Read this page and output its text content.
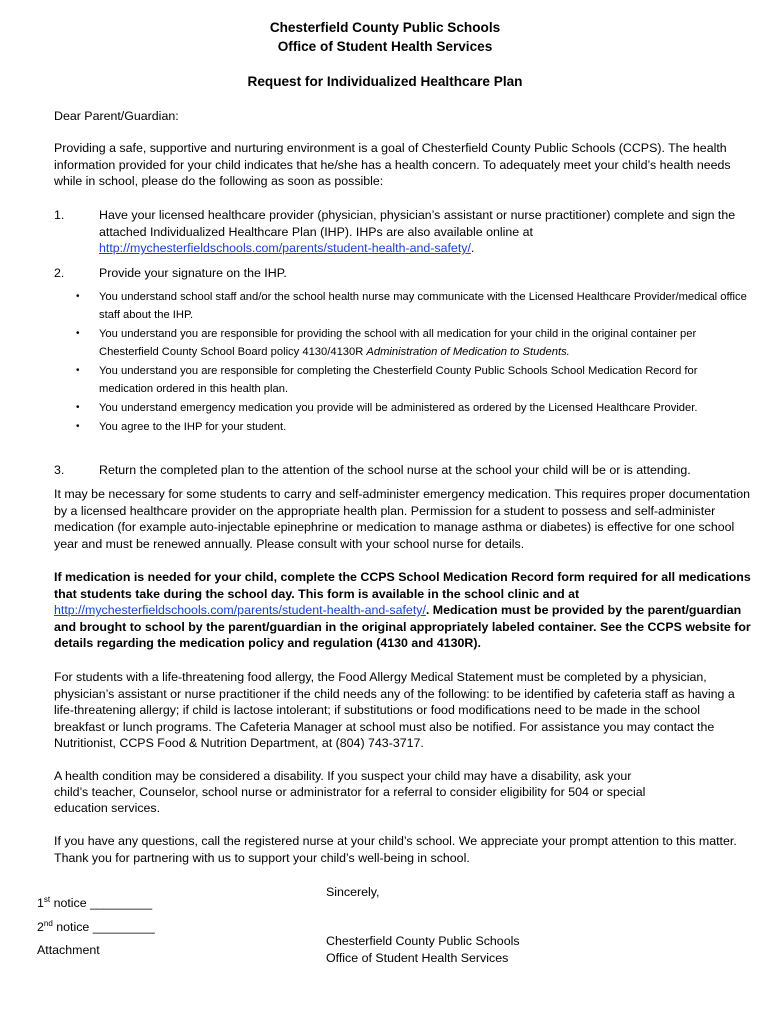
Chesterfield County Public Schools
Office of Student Health Services
Request for Individualized Healthcare Plan
Dear Parent/Guardian:
Providing a safe, supportive and nurturing environment is a goal of Chesterfield County Public Schools (CCPS). The health information provided for your child indicates that he/she has a health concern. To adequately meet your child’s health needs while in school, please do the following as soon as possible:
1.	Have your licensed healthcare provider (physician, physician’s assistant or nurse practitioner) complete and sign the attached Individualized Healthcare Plan (IHP). IHPs are also available online at http://mychesterfieldschools.com/parents/student-health-and-safety/.
2.	Provide your signature on the IHP.
• You understand school staff and/or the school health nurse may communicate with the Licensed Healthcare Provider/medical office staff about the IHP.
• You understand you are responsible for providing the school with all medication for your child in the original container per Chesterfield County School Board policy 4130/4130R Administration of Medication to Students.
• You understand you are responsible for completing the Chesterfield County Public Schools School Medication Record for medication ordered in this health plan.
• You understand emergency medication you provide will be administered as ordered by the Licensed Healthcare Provider.
• You agree to the IHP for your student.
3.	Return the completed plan to the attention of the school nurse at the school your child will be or is attending.
It may be necessary for some students to carry and self-administer emergency medication. This requires proper documentation by a licensed healthcare provider on the appropriate health plan. Permission for a student to possess and self-administer medication (for example auto-injectable epinephrine or medication to manage asthma or diabetes) is effective for one school year and must be renewed annually. Please consult with your school nurse for details.
If medication is needed for your child, complete the CCPS School Medication Record form required for all medications that students take during the school day. This form is available in the school clinic and at http://mychesterfieldschools.com/parents/student-health-and-safety/. Medication must be provided by the parent/guardian and brought to school by the parent/guardian in the original appropriately labeled container. See the CCPS website for details regarding the medication policy and regulation (4130 and 4130R).
For students with a life-threatening food allergy, the Food Allergy Medical Statement must be completed by a physician, physician’s assistant or nurse practitioner if the child needs any of the following: to be identified by cafeteria staff as having a life-threatening allergy; if child is lactose intolerant; if substitutions or food modifications need to be made in the school breakfast or lunch programs. The Cafeteria Manager at school must also be notified. For assistance you may contact the Nutritionist, CCPS Food & Nutrition Department, at (804) 743-3717.
A health condition may be considered a disability. If you suspect your child may have a disability, ask your
child’s teacher, Counselor, school nurse or administrator for a referral to consider eligibility for 504 or special
education services.
If you have any questions, call the registered nurse at your child’s school. We appreciate your prompt attention to this matter. Thank you for partnering with us to support your child’s well-being in school.
Sincerely,
1st notice _________
2nd notice _________
Chesterfield County Public Schools
Attachment
Office of Student Health Services
